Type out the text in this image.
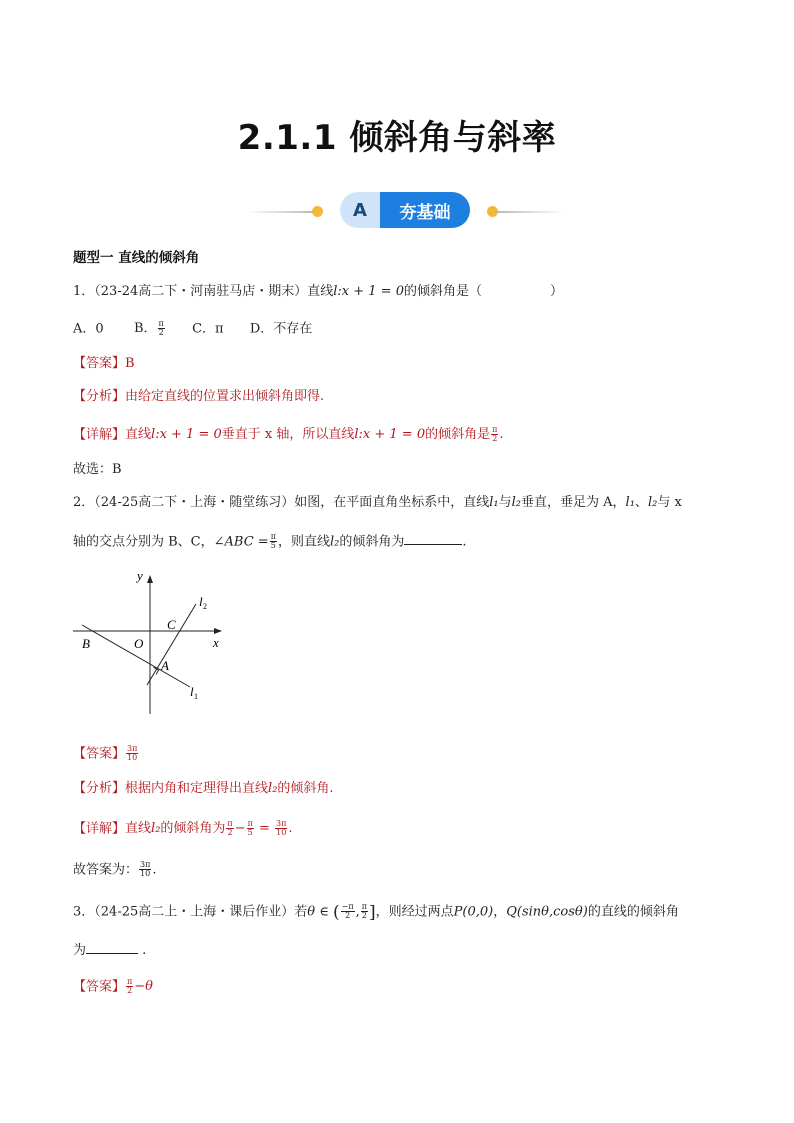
2.1.1 倾斜角与斜率
A	夯基础
题型一 直线的倾斜角
1．（23-24高二下・河南驻马店・期末）直线l:x + 1 = 0的倾斜角是（	）
A．0 B． $\frac{\pi}{2}$ C．π D．不存在
【答案】B
【分析】由给定直线的位置求出倾斜角即得.
【详解】直线l:x + 1 = 0垂直于 x 轴，所以直线l:x + 1 = 0的倾斜角是 $\frac{\pi}{2}$ .
故选：B
2．（24-25高二下・上海・随堂练习）如图，在平面直角坐标系中，直线l₁与l₂垂直，垂足为 A，l₁、l₂与 x
轴的交点分别为 B、C，∠ABC = $\frac{\pi}{5}$ ，则直线l₂的倾斜角为	.
y
x
O
B
C
A
l 1
l 2
【答案】 $\frac{3\pi}{10}$
【分析】根据内角和定理得出直线l₂的倾斜角.
【详解】直线l₂的倾斜角为 $\frac{\pi}{2} - \frac{\pi}{5} = \frac{3\pi}{10}$ .
故答案为： $\frac{3\pi}{10}$ .
3．（24-25高二上・上海・课后作业）若θ ∈ ( $\frac{-\pi}{2}$ , $\frac{\pi}{2}$ ]，则经过两点P(0,0)，Q(sinθ,cosθ)的直线的倾斜角
为	.
【答案】 $\frac{\pi}{2} -\theta$
